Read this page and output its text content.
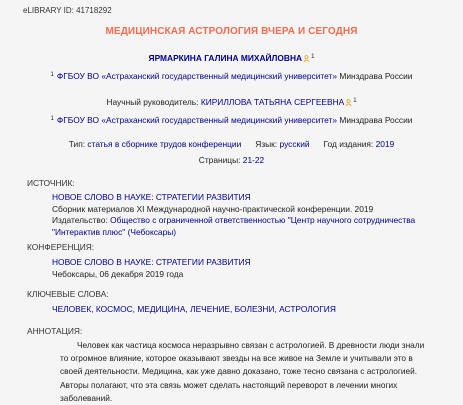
eLIBRARY ID: 41718292
МЕДИЦИНСКАЯ АСТРОЛОГИЯ ВЧЕРА И СЕГОДНЯ
ЯРМАРКИНА ГАЛИНА МИХАЙЛОВНА $^1$
$^1$ ФГБОУ ВО «Астраханский государственный медицинский университет» Минздрава России
Научный руководитель: КИРИЛЛОВА ТАТЬЯНА СЕРГЕЕВНА $^1$
$^1$ ФГБОУ ВО «Астраханский государственный медицинский университет» Минздрава России
Тип: статья в сборнике трудов конференции Язык: русский Год издания: 2019
Страницы: 21-22
ИСТОЧНИК:
НОВОЕ СЛОВО В НАУКЕ: СТРАТЕГИИ РАЗВИТИЯ
Сборник материалов XI Международной научно-практической конференции. 2019
Издательство: Общество с ограниченной ответственностью "Центр научного сотрудничества
"Интерактив плюс" (Чебоксары)
КОНФЕРЕНЦИЯ:
НОВОЕ СЛОВО В НАУКЕ: СТРАТЕГИИ РАЗВИТИЯ
Чебоксары, 06 декабря 2019 года
КЛЮЧЕВЫЕ СЛОВА:
ЧЕЛОВЕК, КОСМОС, МЕДИЦИНА, ЛЕЧЕНИЕ, БОЛЕЗНИ, АСТРОЛОГИЯ
АННОТАЦИЯ:
Человек как частица космоса неразрывно связан с астрологией. В древности люди знали то огромное влияние, которое оказывают звезды на все живое на Земле и учитывали это в своей деятельности. Медицина, как уже давно доказано, тоже тесно связана с астрологией. Авторы полагают, что эта связь может сделать настоящий переворот в лечении многих заболеваний.
